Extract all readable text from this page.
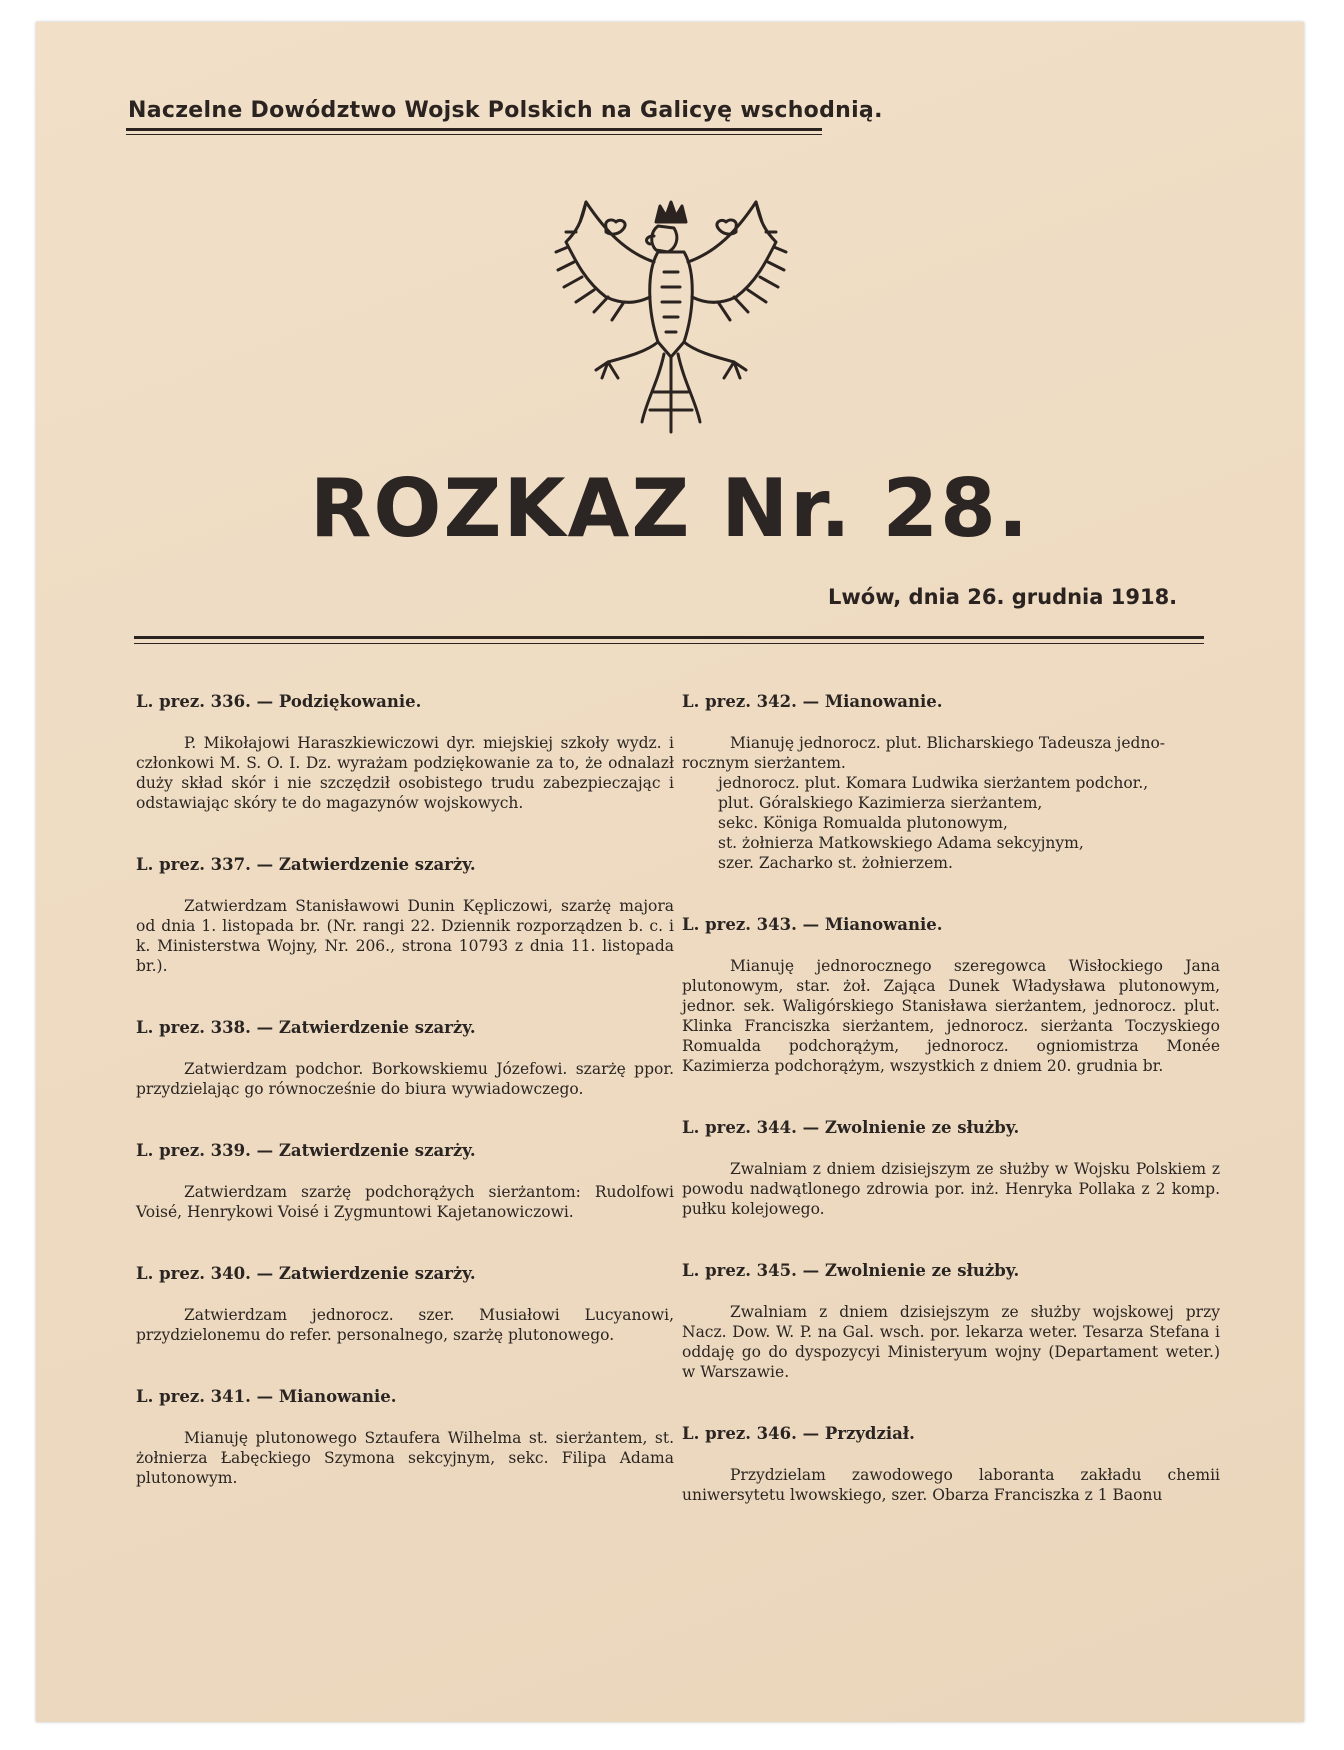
Naczelne Dowództwo Wojsk Polskich na Galicyę wschodnią.
ROZKAZ Nr. 28.
Lwów, dnia 26. grudnia 1918.

L. prez. 336. — Podziękowanie.

P. Mikołajowi Haraszkiewiczowi dyr. miejskiej szkoły wydz. i członkowi M. S. O. I. Dz. wyrażam podziękowanie za to, że odnalazł duży skład skór i nie szczędził osobistego trudu zabezpieczając i odstawiając skóry te do magazynów wojskowych.

L. prez. 337. — Zatwierdzenie szarży.

Zatwierdzam Stanisławowi Dunin Kępliczowi, szarżę majora od dnia 1. listopada br. (Nr. rangi 22. Dziennik rozporządzen b. c. i k. Ministerstwa Wojny, Nr. 206., strona 10793 z dnia 11. listopada br.).

L. prez. 338. — Zatwierdzenie szarży.

Zatwierdzam podchor. Borkowskiemu Józefowi. szarżę ppor. przydzielając go równocześnie do biura wywiadowczego.

L. prez. 339. — Zatwierdzenie szarży.

Zatwierdzam szarżę podchorążych sierżantom: Rudolfowi Voisé, Henrykowi Voisé i Zygmuntowi Kajetanowiczowi.

L. prez. 340. — Zatwierdzenie szarży.

Zatwierdzam jednorocz. szer. Musiałowi Lucyanowi, przydzielonemu do refer. personalnego, szarżę plutonowego.

L. prez. 341. — Mianowanie.

Mianuję plutonowego Sztaufera Wilhelma st. sierżantem, st. żołnierza Łabęckiego Szymona sekcyjnym, sekc. Filipa Adama plutonowym.

L. prez. 342. — Mianowanie.

Mianuję jednorocz. plut. Blicharskiego Tadeusza jedno-

rocznym sierżantem.

jednorocz. plut. Komara Ludwika sierżantem podchor.,

plut. Góralskiego Kazimierza sierżantem,

sekc. Königa Romualda plutonowym,

st. żołnierza Matkowskiego Adama sekcyjnym,

szer. Zacharko st. żołnierzem.

L. prez. 343. — Mianowanie.

Mianuję jednorocznego szeregowca Wisłockiego Jana plutonowym, star. żoł. Zająca Dunek Władysława plutonowym, jednor. sek. Waligórskiego Stanisława sierżantem, jednorocz. plut. Klinka Franciszka sierżantem, jednorocz. sierżanta Toczyskiego Romualda podchorążym, jednorocz. ogniomistrza Monée Kazimierza podchorążym, wszystkich z dniem 20. grudnia br.

L. prez. 344. — Zwolnienie ze służby.

Zwalniam z dniem dzisiejszym ze służby w Wojsku Polskiem z powodu nadwątlonego zdrowia por. inż. Henryka Pollaka z 2 komp. pułku kolejowego.

L. prez. 345. — Zwolnienie ze służby.

Zwalniam z dniem dzisiejszym ze służby wojskowej przy Nacz. Dow. W. P. na Gal. wsch. por. lekarza weter. Tesarza Stefana i oddaję go do dyspozycyi Ministeryum wojny (Departament weter.) w Warszawie.

L. prez. 346. — Przydział.

Przydzielam zawodowego laboranta zakładu chemii uniwersytetu lwowskiego, szer. Obarza Franciszka z 1 Baonu
